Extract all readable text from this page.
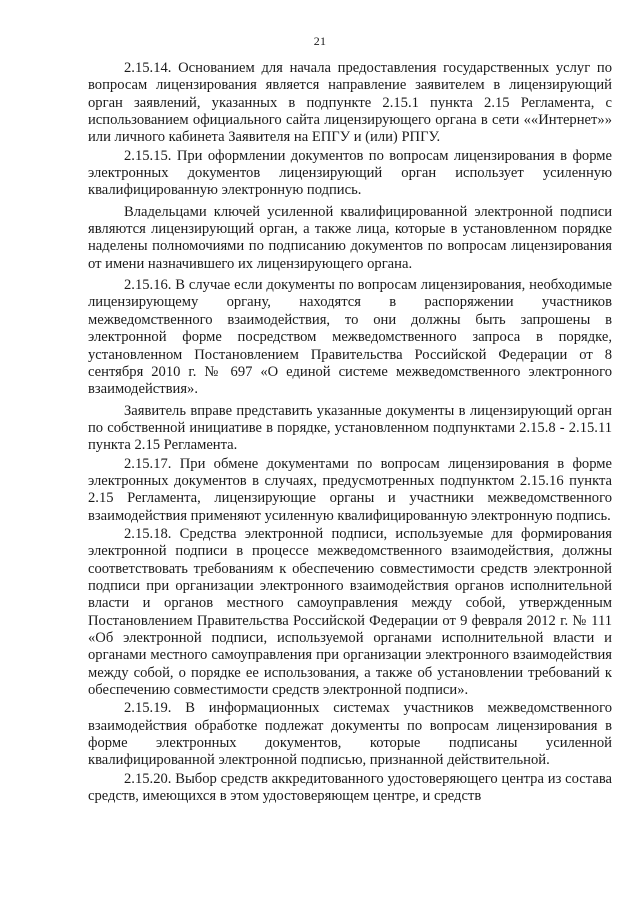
21

2.15.14. Основанием для начала предоставления государственных услуг по вопросам лицензирования является направление заявителем в лицензирующий орган заявлений, указанных в подпункте 2.15.1 пункта 2.15 Регламента, с использованием официального сайта лицензирующего органа в сети ««Интернет»» или личного кабинета Заявителя на ЕПГУ и (или) РПГУ.

2.15.15. При оформлении документов по вопросам лицензирования в форме электронных документов лицензирующий орган использует усиленную квалифицированную электронную подпись.

Владельцами ключей усиленной квалифицированной электронной подписи являются лицензирующий орган, а также лица, которые в установленном порядке наделены полномочиями по подписанию документов по вопросам лицензирования от имени назначившего их лицензирующего органа.

2.15.16. В случае если документы по вопросам лицензирования, необходимые лицензирующему органу, находятся в распоряжении участников межведомственного взаимодействия, то они должны быть запрошены в электронной форме посредством межведомственного запроса в порядке, установленном Постановлением Правительства Российской Федерации от 8 сентября 2010 г. № 697 «О единой системе межведомственного электронного взаимодействия».

Заявитель вправе представить указанные документы в лицензирующий орган по собственной инициативе в порядке, установленном подпунктами 2.15.8 - 2.15.11 пункта 2.15 Регламента.

2.15.17. При обмене документами по вопросам лицензирования в форме электронных документов в случаях, предусмотренных подпунктом 2.15.16 пункта 2.15 Регламента, лицензирующие органы и участники межведомственного взаимодействия применяют усиленную квалифицированную электронную подпись.

2.15.18. Средства электронной подписи, используемые для формирования электронной подписи в процессе межведомственного взаимодействия, должны соответствовать требованиям к обеспечению совместимости средств электронной подписи при организации электронного взаимодействия органов исполнительной власти и органов местного самоуправления между собой, утвержденным Постановлением Правительства Российской Федерации от 9 февраля 2012 г. № 111 «Об электронной подписи, используемой органами исполнительной власти и органами местного самоуправления при организации электронного взаимодействия между собой, о порядке ее использования, а также об установлении требований к обеспечению совместимости средств электронной подписи».

2.15.19. В информационных системах участников межведомственного взаимодействия обработке подлежат документы по вопросам лицензирования в форме электронных документов, которые подписаны усиленной квалифицированной электронной подписью, признанной действительной.

2.15.20. Выбор средств аккредитованного удостоверяющего центра из состава средств, имеющихся в этом удостоверяющем центре, и средств
